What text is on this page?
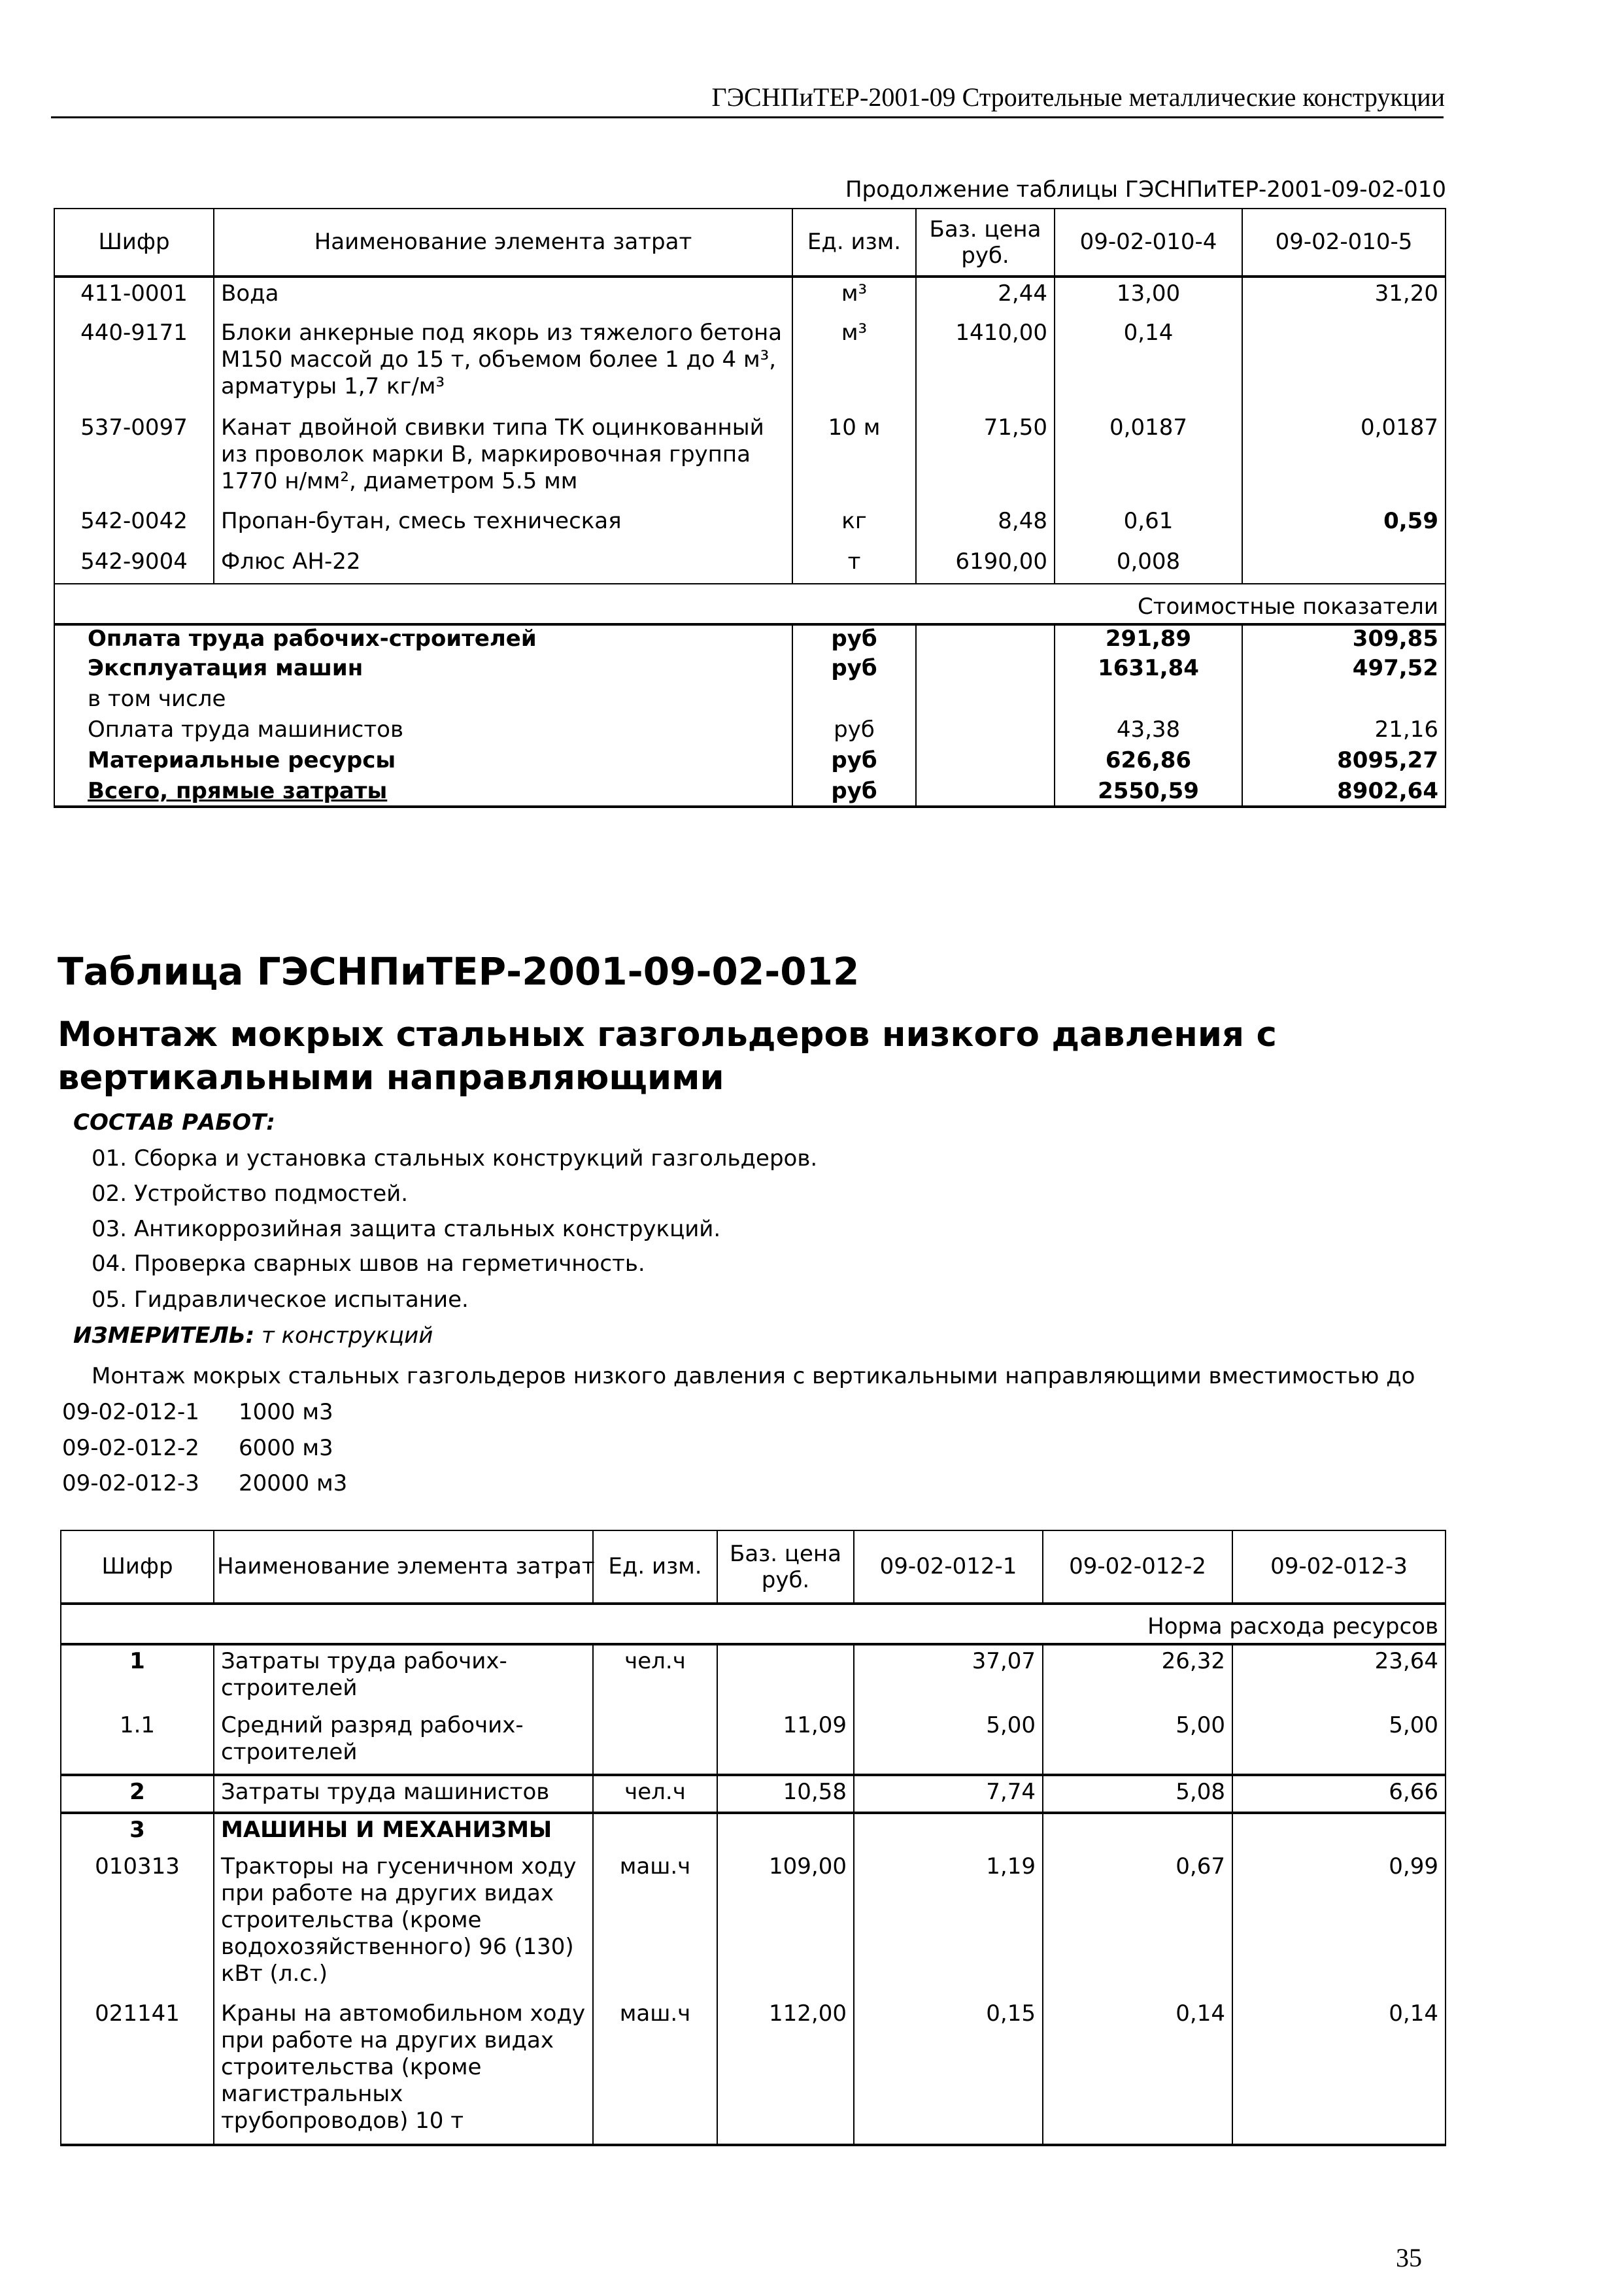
ГЭСНПиТЕР-2001-09 Строительные металлические конструкции
Продолжение таблицы ГЭСНПиТЕР-2001-09-02-010
Шифр	Наименование элемента затрат	Ед. изм.	Баз. цена руб.	09-02-010-4	09-02-010-5
411-0001	Вода	м³	2,44	13,00	31,20
440-9171	Блоки анкерные под якорь из тяжелого бетона М150 массой до 15 т, объемом более 1 до 4 м³, арматуры 1,7 кг/м³	м³	1410,00	0,14	
537-0097	Канат двойной свивки типа ТК оцинкованный из проволок марки В, маркировочная группа 1770 н/мм², диаметром 5.5 мм	10 м	71,50	0,0187	0,0187
542-0042	Пропан-бутан, смесь техническая	кг	8,48	0,61	0,59
542-9004	Флюс АН-22	т	6190,00	0,008	
Стоимостные показатели					
Оплата труда рабочих-строителей		руб		291,89	309,85
Эксплуатация машин		руб		1631,84	497,52
в том числе					
Оплата труда машинистов		руб		43,38	21,16
Материальные ресурсы		руб		626,86	8095,27
Всего, прямые затраты		руб		2550,59	8902,64
Таблица ГЭСНПиТЕР-2001-09-02-012
Монтаж мокрых стальных газгольдеров низкого давления с вертикальными направляющими
СОСТАВ РАБОТ:
01. Сборка и установка стальных конструкций газгольдеров.
02. Устройство подмостей.
03. Антикоррозийная защита стальных конструкций.
04. Проверка сварных швов на герметичность.
05. Гидравлическое испытание.
ИЗМЕРИТЕЛЬ: т конструкций
Монтаж мокрых стальных газгольдеров низкого давления с вертикальными направляющими вместимостью до
09-02-012-1 1000 м3
09-02-012-2 6000 м3
09-02-012-3 20000 м3
Шифр	Наименование элемента затрат	Ед. изм.	Баз. цена руб.	09-02-012-1	09-02-012-2	09-02-012-3
Норма расхода ресурсов						
1	Затраты труда рабочих-строителей	чел.ч		37,07	26,32	23,64
1.1	Средний разряд рабочих-строителей		11,09	5,00	5,00	5,00
2	Затраты труда машинистов	чел.ч	10,58	7,74	5,08	6,66
3	МАШИНЫ И МЕХАНИЗМЫ					
010313	Тракторы на гусеничном ходу при работе на других видах строительства (кроме водохозяйственного) 96 (130) кВт (л.с.)	маш.ч	109,00	1,19	0,67	0,99
021141	Краны на автомобильном ходу при работе на других видах строительства (кроме магистральных трубопроводов) 10 т	маш.ч	112,00	0,15	0,14	0,14
35
